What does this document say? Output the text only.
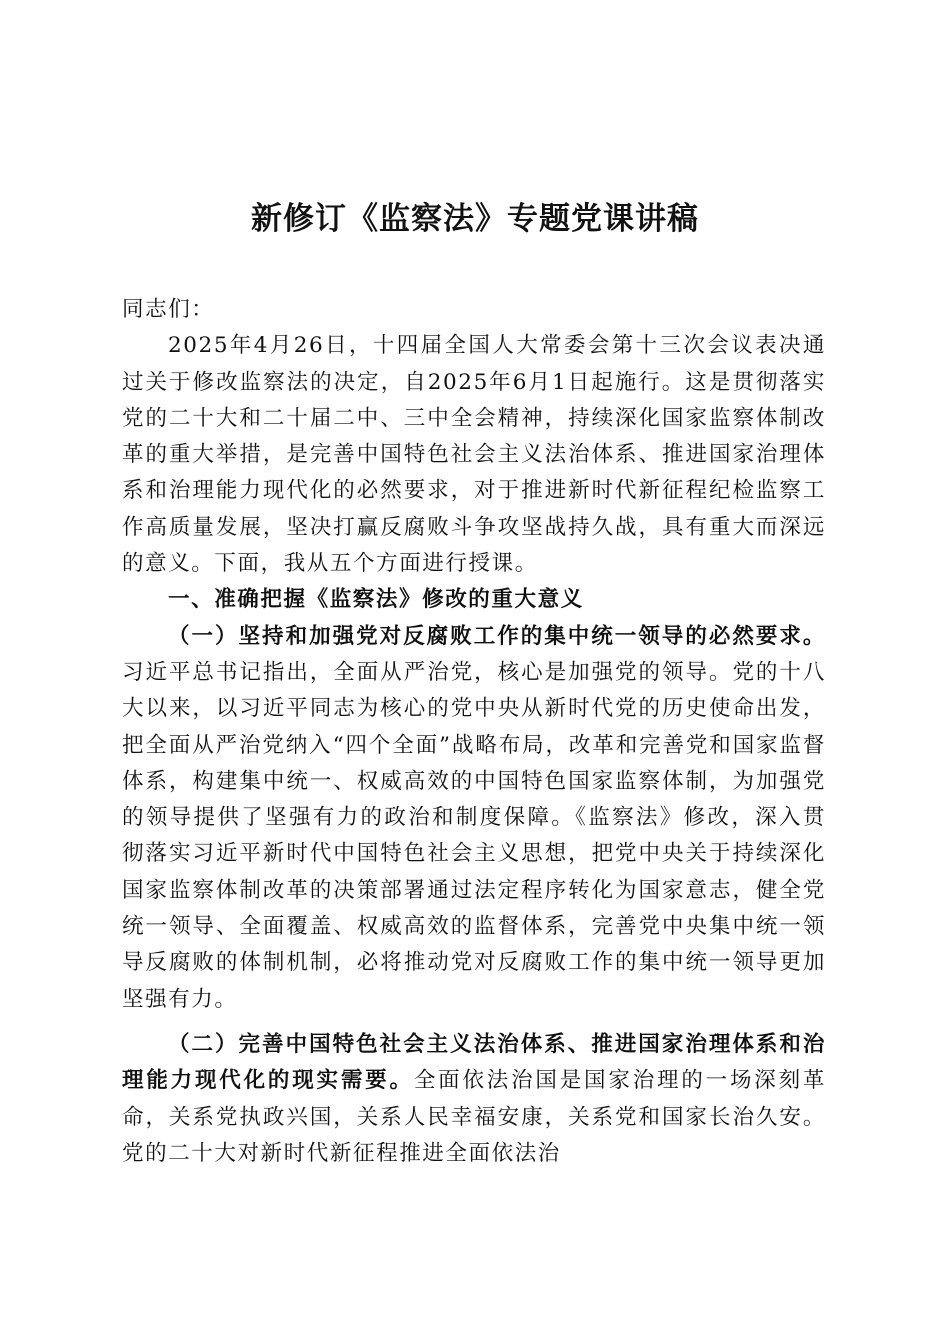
新修订《监察法》专题党课讲稿

同志们：

2025年4月26日，十四届全国人大常委会第十三次会议表决通过关于修改监察法的决定，自2025年6月1日起施行。这是贯彻落实党的二十大和二十届二中、三中全会精神，持续深化国家监察体制改革的重大举措，是完善中国特色社会主义法治体系、推进国家治理体系和治理能力现代化的必然要求，对于推进新时代新征程纪检监察工作高质量发展，坚决打赢反腐败斗争攻坚战持久战，具有重大而深远的意义。下面，我从五个方面进行授课。

一、准确把握《监察法》修改的重大意义

（一）坚持和加强党对反腐败工作的集中统一领导的必然要求。习近平总书记指出，全面从严治党，核心是加强党的领导。党的十八大以来，以习近平同志为核心的党中央从新时代党的历史使命出发，把全面从严治党纳入“四个全面”战略布局，改革和完善党和国家监督体系，构建集中统一、权威高效的中国特色国家监察体制，为加强党的领导提供了坚强有力的政治和制度保障。《监察法》修改，深入贯彻落实习近平新时代中国特色社会主义思想，把党中央关于持续深化国家监察体制改革的决策部署通过法定程序转化为国家意志，健全党统一领导、全面覆盖、权威高效的监督体系，完善党中央集中统一领导反腐败的体制机制，必将推动党对反腐败工作的集中统一领导更加坚强有力。

（二）完善中国特色社会主义法治体系、推进国家治理体系和治理能力现代化的现实需要。全面依法治国是国家治理的一场深刻革命，关系党执政兴国，关系人民幸福安康，关系党和国家长治久安。党的二十大对新时代新征程推进全面依法治
